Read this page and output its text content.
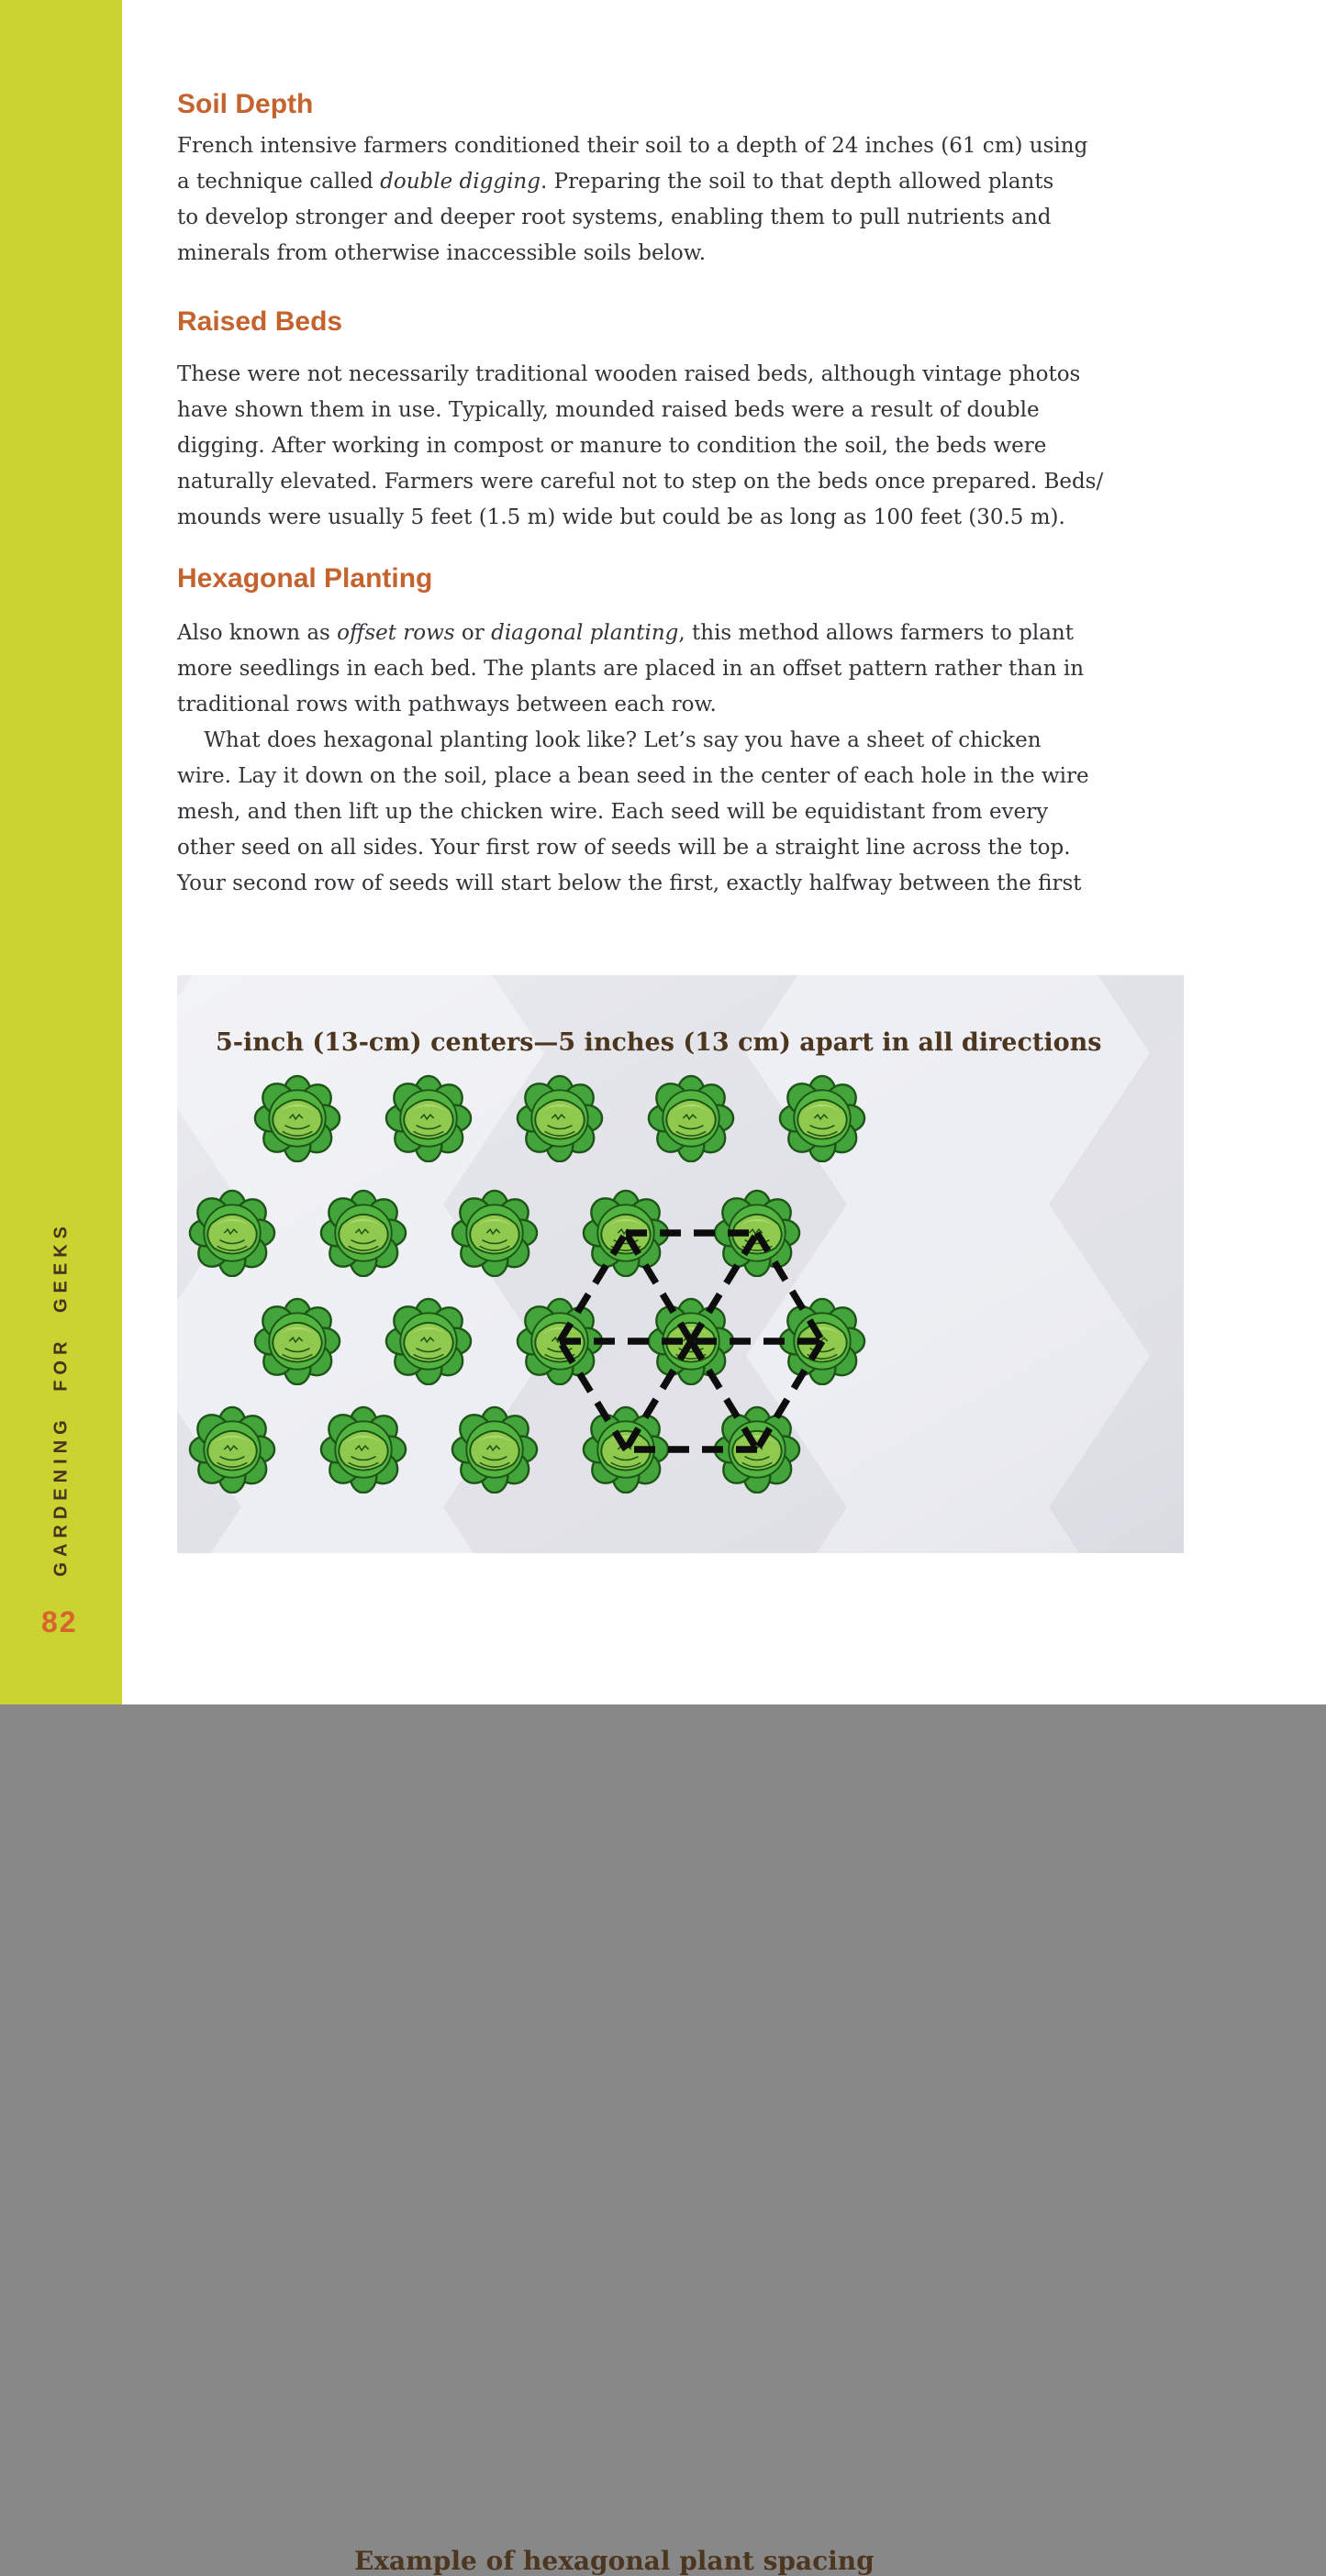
GARDENING FOR GEEKS
82
Soil Depth

French intensive farmers conditioned their soil to a depth of 24 inches (61 cm) using
a technique called double digging. Preparing the soil to that depth allowed plants
to develop stronger and deeper root systems, enabling them to pull nutrients and
minerals from otherwise inaccessible soils below.

Raised Beds

These were not necessarily traditional wooden raised beds, although vintage photos
have shown them in use. Typically, mounded raised beds were a result of double
digging. After working in compost or manure to condition the soil, the beds were
naturally elevated. Farmers were careful not to step on the beds once prepared. Beds/
mounds were usually 5 feet (1.5 m) wide but could be as long as 100 feet (30.5 m).

Hexagonal Planting

Also known as offset rows or diagonal planting, this method allows farmers to plant
more seedlings in each bed. The plants are placed in an offset pattern rather than in
traditional rows with pathways between each row.
What does hexagonal planting look like? Let’s say you have a sheet of chicken
wire. Lay it down on the soil, place a bean seed in the center of each hole in the wire
mesh, and then lift up the chicken wire. Each seed will be equidistant from every
other seed on all sides. Your first row of seeds will be a straight line across the top.
Your second row of seeds will start below the first, exactly halfway between the first

5-inch (13-cm) centers—5 inches (13 cm) apart in all directions
Example of hexagonal plant spacing
